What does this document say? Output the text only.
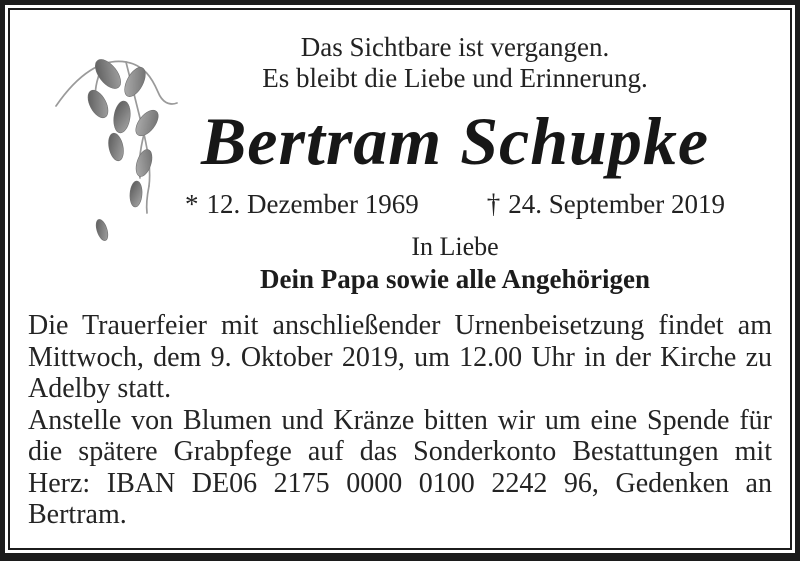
Das Sichtbare ist vergangen.
Es bleibt die Liebe und Erinnerung.
Bertram Schupke
* 12. Dezember 1969	† 24. September 2019
In Liebe
Dein Papa sowie alle Angehörigen

Die Trauerfeier mit anschließender Urnenbeisetzung findet am Mittwoch, dem 9. Oktober 2019, um 12.00 Uhr in der Kirche zu Adelby statt.

Anstelle von Blumen und Kränze bitten wir um eine Spende für die spätere Grabpfege auf das Sonderkonto Bestattungen mit Herz: IBAN DE06 2175 0000 0100 2242 96, Gedenken an Bertram.
